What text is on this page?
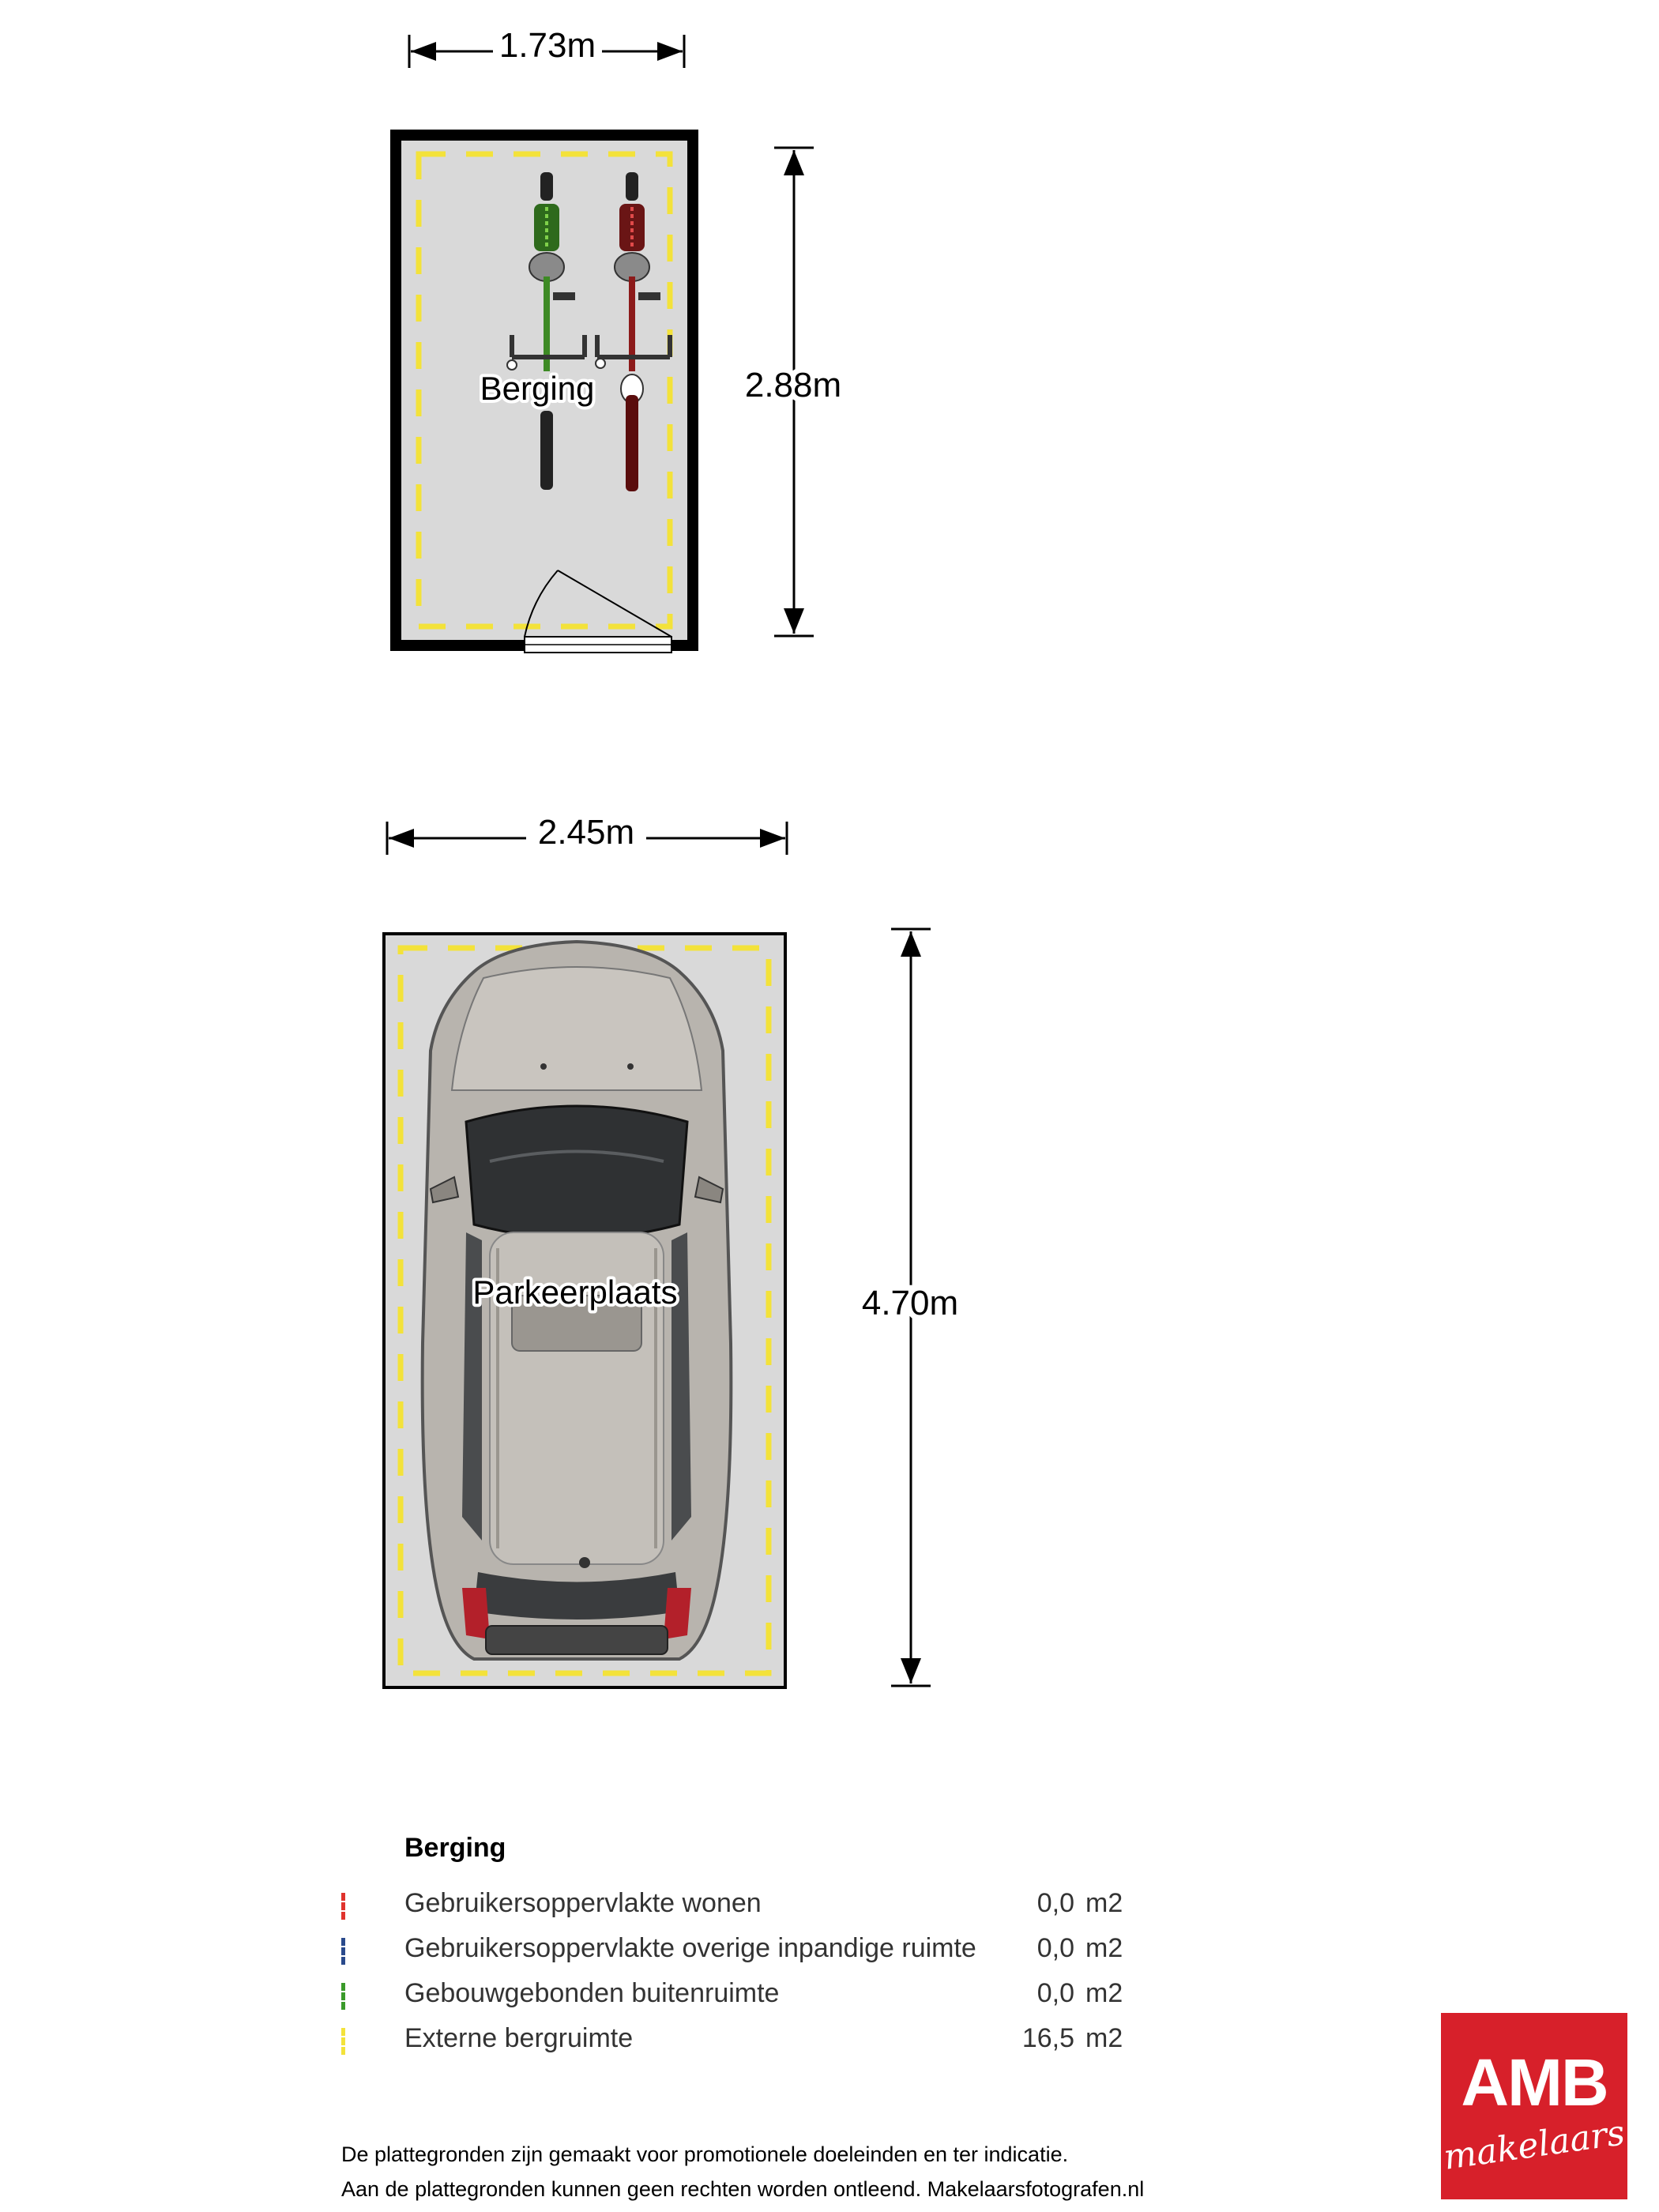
Berging
1.73m
2.88m
Parkeerplaats
2.45m
4.70m
Berging
Gebruikersoppervlakte wonen	0,0 m2
Gebruikersoppervlakte overige inpandige ruimte	0,0 m2
Gebouwgebonden buitenruimte	0,0 m2
Externe bergruimte	16,5 m2
De plattegronden zijn gemaakt voor promotionele doeleinden en ter indicatie.
Aan de plattegronden kunnen geen rechten worden ontleend. Makelaarsfotografen.nl
AMB
makelaars
